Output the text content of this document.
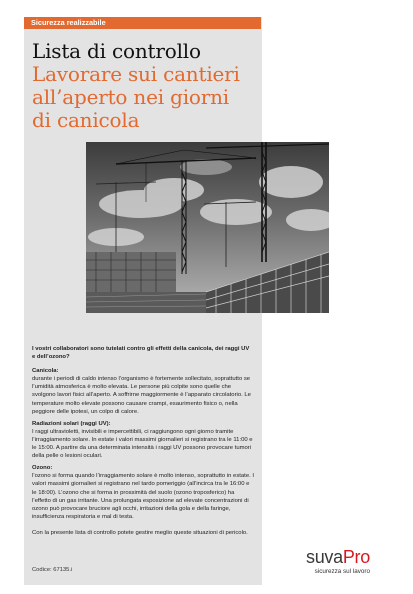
Sicurezza realizzabile
Lista di controllo
Lavorare sui cantieri
all’aperto nei giorni
di canicola

I vostri collaboratori sono tutelati contro gli effetti della canicola, dei raggi UV e dell’ozono?

Canicola:

durante i periodi di caldo intenso l’organismo è fortemente sollecitato, soprattutto se l’umidità atmosferica è molto elevata. Le persone più colpite sono quelle che svolgono lavori fisici all’aperto. A soffrirne maggiormente è l’apparato circolatorio. Le temperature molto elevate possono causare crampi, esaurimento fisico o, nella peggiore delle ipotesi, un colpo di calore.

Radiazioni solari (raggi UV):

I raggi ultravioletti, invisibili e impercettibili, ci raggiungono ogni giorno tramite l’irraggiamento solare. In estate i valori massimi giornalieri si registrano tra le 11:00 e le 15:00. A partire da una determinata intensità i raggi UV possono provocare tumori della pelle o lesioni oculari.

Ozono:

l’ozono si forma quando l’irraggiamento solare è molto intenso, soprattutto in estate. I valori massimi giornalieri si registrano nel tardo pomeriggio (all’incirca tra le 16:00 e le 18:00). L’ozono che si forma in prossimità del suolo (ozono troposferico) ha l’effetto di un gas irritante. Una prolungata esposizione ad elevate concentrazioni di ozono può provocare bruciore agli occhi, irritazioni della gola e della faringe, insufficienza respiratoria e mal di testa.

Con la presente lista di controllo potete gestire meglio queste situazioni di pericolo.

Codice: 67135.i
suvaPro
sicurezza sul lavoro
